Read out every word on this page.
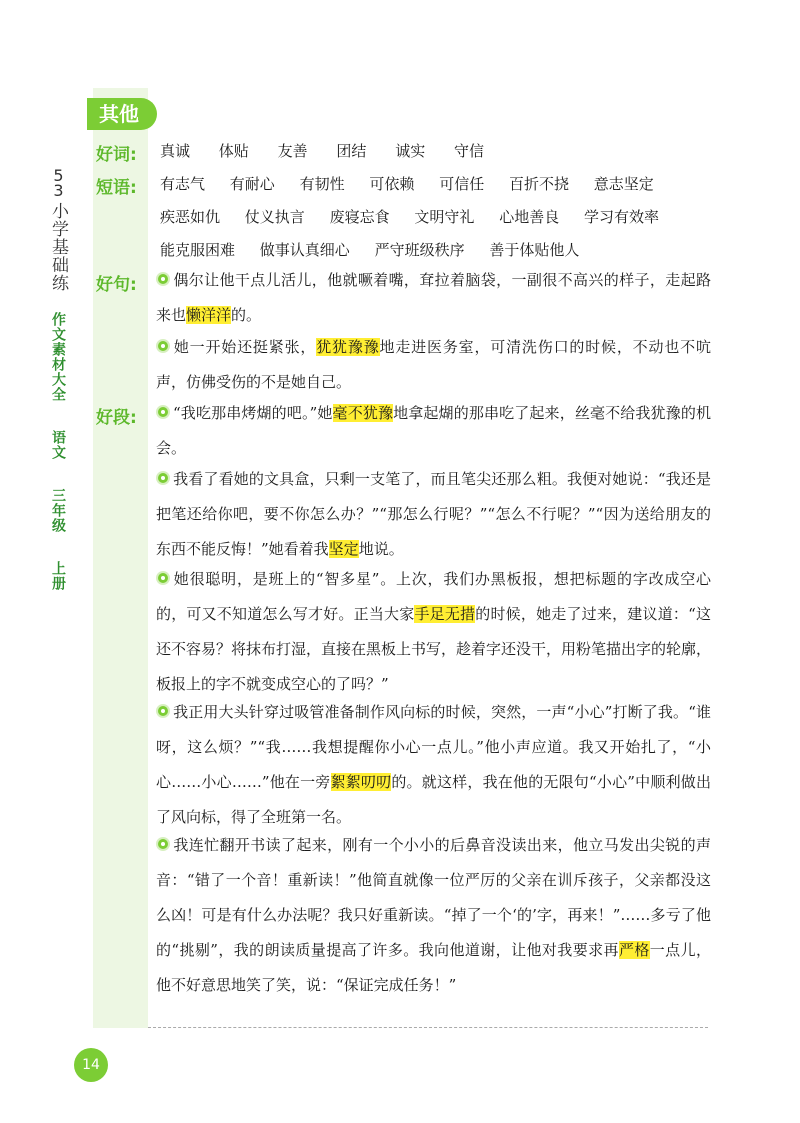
5
3
小学基础练
作文素材大全 语文 三年级 上册
其他
好词:
短语:
好句:
好段:
真诚 体贴 友善 团结 诚实 守信
有志气 有耐心 有韧性 可依赖 可信任 百折不挠 意志坚定
疾恶如仇 仗义执言 废寝忘食 文明守礼 心地善良 学习有效率
能克服困难 做事认真细心 严守班级秩序 善于体贴他人
偶尔让他干点儿活儿，他就噘着嘴，耷拉着脑袋，一副很不高兴的样子，走起路来也懒洋洋的。
她一开始还挺紧张，犹犹豫豫地走进医务室，可清洗伤口的时候，不动也不吭声，仿佛受伤的不是她自己。
“我吃那串烤煳的吧。”她毫不犹豫地拿起煳的那串吃了起来，丝毫不给我犹豫的机会。
我看了看她的文具盒，只剩一支笔了，而且笔尖还那么粗。我便对她说：“我还是把笔还给你吧，要不你怎么办？”“那怎么行呢？”“怎么不行呢？”“因为送给朋友的东西不能反悔！”她看着我坚定地说。
她很聪明，是班上的“智多星”。上次，我们办黑板报，想把标题的字改成空心的，可又不知道怎么写才好。正当大家手足无措的时候，她走了过来，建议道：“这还不容易？将抹布打湿，直接在黑板上书写，趁着字还没干，用粉笔描出字的轮廓，板报上的字不就变成空心的了吗？”
我正用大头针穿过吸管准备制作风向标的时候，突然，一声“小心”打断了我。“谁呀，这么烦？”“我……我想提醒你小心一点儿。”他小声应道。我又开始扎了，“小心……小心……”他在一旁絮絮叨叨的。就这样，我在他的无限句“小心”中顺利做出了风向标，得了全班第一名。
我连忙翻开书读了起来，刚有一个小小的后鼻音没读出来，他立马发出尖锐的声音：“错了一个音！重新读！”他简直就像一位严厉的父亲在训斥孩子，父亲都没这么凶！可是有什么办法呢？我只好重新读。“掉了一个‘的’字，再来！”……多亏了他的“挑剔”，我的朗读质量提高了许多。我向他道谢，让他对我要求再严格一点儿，他不好意思地笑了笑，说：“保证完成任务！”
14
